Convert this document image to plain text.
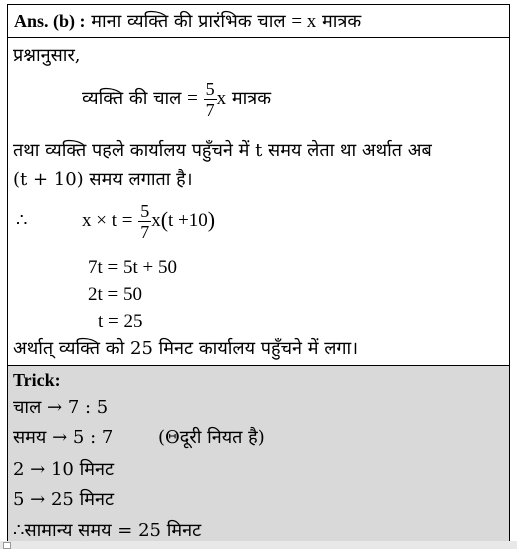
Ans. (b) : माना व्यक्ति की प्रारंभिक चाल = x मात्रक
प्रश्नानुसार,
व्यक्ति की चाल = $\frac{5}{7}$ x मात्रक
तथा व्यक्ति पहले कार्यालय पहुँचने में t समय लेता था अर्थात अब
(t + 10) समय लगाता है।
∴	$x \times t = \frac{5}{7} x(t +10)$
7t = 5t + 50
2t = 50
t = 25
अर्थात् व्यक्ति को 25 मिनट कार्यालय पहुँचने में लगा।
Trick:
चाल → 7 : 5
समय → 5 : 7 (Θदूरी नियत है)
2 → 10 मिनट
5 → 25 मिनट
∴सामान्य समय = 25 मिनट
